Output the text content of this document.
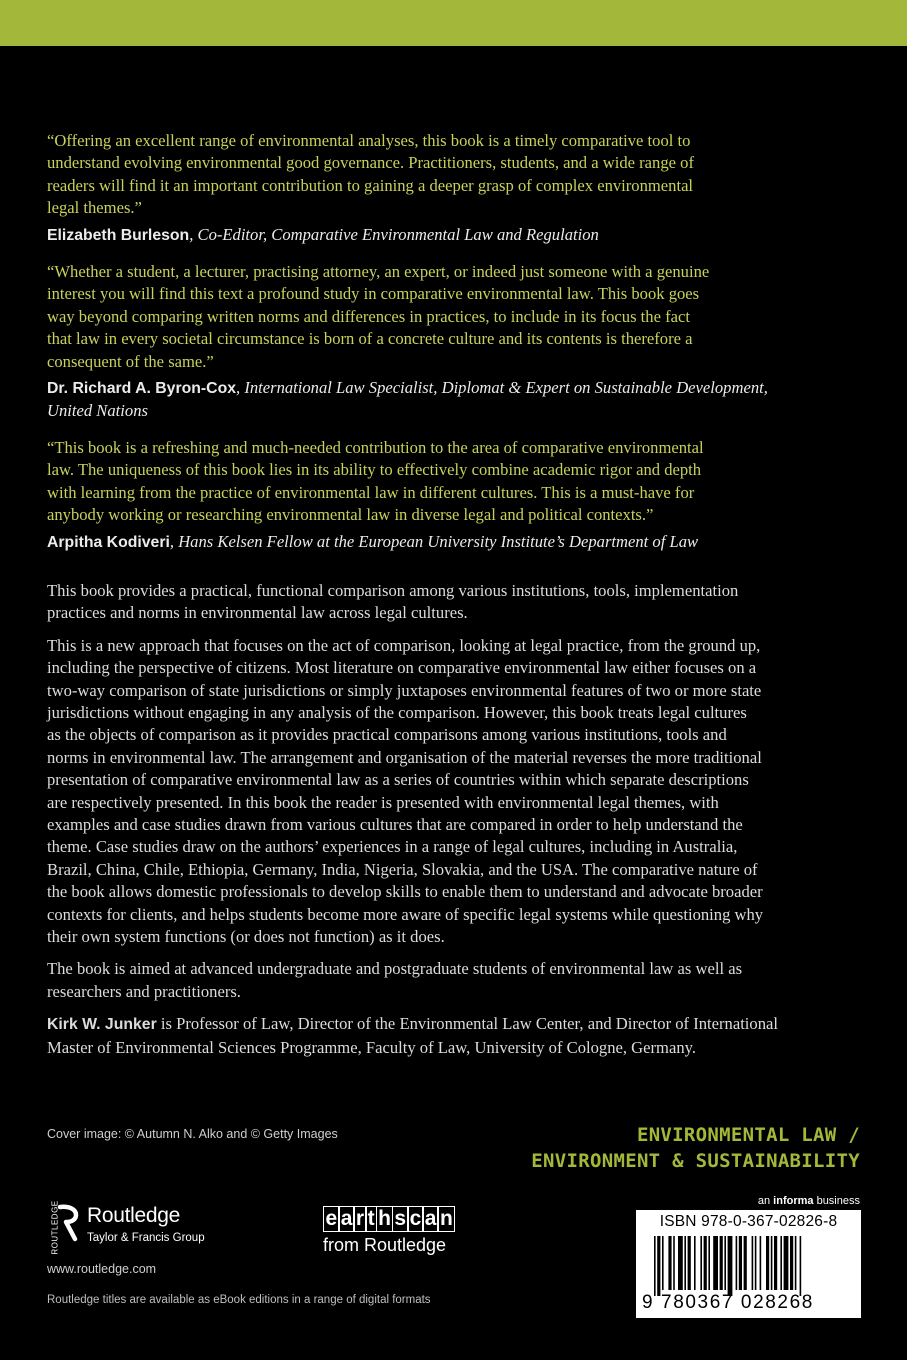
“Offering an excellent range of environmental analyses, this book is a timely comparative tool to
understand evolving environmental good governance. Practitioners, students, and a wide range of
readers will find it an important contribution to gaining a deeper grasp of complex environmental
legal themes.”

Elizabeth Burleson, Co-Editor, Comparative Environmental Law and Regulation

“Whether a student, a lecturer, practising attorney, an expert, or indeed just someone with a genuine
interest you will find this text a profound study in comparative environmental law. This book goes
way beyond comparing written norms and differences in practices, to include in its focus the fact
that law in every societal circumstance is born of a concrete culture and its contents is therefore a
consequent of the same.”

Dr. Richard A. Byron-Cox, International Law Specialist, Diplomat & Expert on Sustainable Development,
United Nations

“This book is a refreshing and much-needed contribution to the area of comparative environmental
law. The uniqueness of this book lies in its ability to effectively combine academic rigor and depth
with learning from the practice of environmental law in different cultures. This is a must-have for
anybody working or researching environmental law in diverse legal and political contexts.”

Arpitha Kodiveri, Hans Kelsen Fellow at the European University Institute’s Department of Law

This book provides a practical, functional comparison among various institutions, tools, implementation
practices and norms in environmental law across legal cultures.

This is a new approach that focuses on the act of comparison, looking at legal practice, from the ground up,
including the perspective of citizens. Most literature on comparative environmental law either focuses on a
two-way comparison of state jurisdictions or simply juxtaposes environmental features of two or more state
jurisdictions without engaging in any analysis of the comparison. However, this book treats legal cultures
as the objects of comparison as it provides practical comparisons among various institutions, tools and
norms in environmental law. The arrangement and organisation of the material reverses the more traditional
presentation of comparative environmental law as a series of countries within which separate descriptions
are respectively presented. In this book the reader is presented with environmental legal themes, with
examples and case studies drawn from various cultures that are compared in order to help understand the
theme. Case studies draw on the authors’ experiences in a range of legal cultures, including in Australia,
Brazil, China, Chile, Ethiopia, Germany, India, Nigeria, Slovakia, and the USA. The comparative nature of
the book allows domestic professionals to develop skills to enable them to understand and advocate broader
contexts for clients, and helps students become more aware of specific legal systems while questioning why
their own system functions (or does not function) as it does.

The book is aimed at advanced undergraduate and postgraduate students of environmental law as well as
researchers and practitioners.

Kirk W. Junker is Professor of Law, Director of the Environmental Law Center, and Director of International
Master of Environmental Sciences Programme, Faculty of Law, University of Cologne, Germany.

Cover image: © Autumn N. Alko and © Getty Images	ENVIRONMENTAL LAW /
ENVIRONMENT & SUSTAINABILITY
ROUTLEDGE Routledge
Taylor & Francis Group
www.routledge.com
Routledge titles are available as eBook editions in a range of digital formats
e a r t h s c a n
from Routledge
an informa business
ISBN 978-0-367-02826-8
9 780367 028268
